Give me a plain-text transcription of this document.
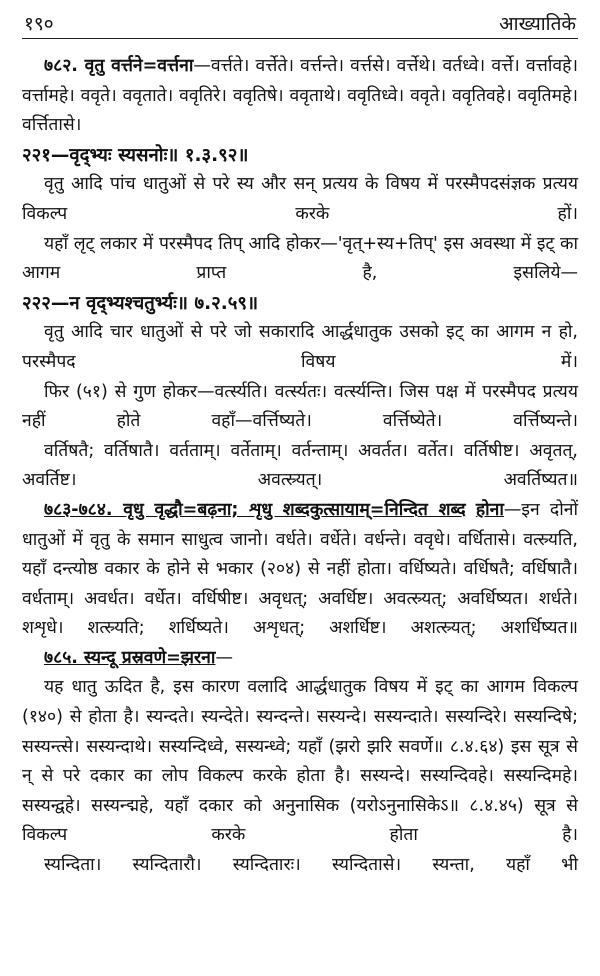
१९०	आख्यातिके

७८२. वृतु वर्त्तने=वर्त्तना—वर्त्तते। वर्त्तेते। वर्त्तन्ते। वर्त्तसे। वर्त्तेथे। वर्तध्वे। वर्त्ते। वर्त्तावहे। वर्त्तामहे। ववृते। ववृताते। ववृतिरे। ववृतिषे। ववृताथे। ववृतिध्वे। ववृते। ववृतिवहे। ववृतिमहे। वर्त्तितासे।

२२१—वृद्भ्यः स्यसनोः॥ १.३.९२॥

वृतु आदि पांच धातुओं से परे स्य और सन् प्रत्यय के विषय में परस्मैपदसंज्ञक प्रत्यय विकल्प करके हों।

यहाँ लृट् लकार में परस्मैपद तिप् आदि होकर—'वृत्+स्य+तिप्' इस अवस्था में इट् का आगम प्राप्त है, इसलिये—

२२२—न वृद्भ्यश्चतुर्भ्यः॥ ७.२.५९॥

वृतु आदि चार धातुओं से परे जो सकारादि आर्द्धधातुक उसको इट् का आगम न हो, परस्मैपद विषय में।

फिर (५१) से गुण होकर—वर्त्स्यति। वर्त्स्यतः। वर्त्स्यन्ति। जिस पक्ष में परस्मैपद प्रत्यय नहीं होते वहाँ—वर्त्तिष्यते। वर्त्तिष्येते। वर्त्तिष्यन्ते।

वर्तिषतै; वर्तिषातै। वर्तताम्। वर्तेताम्। वर्तन्ताम्। अवर्तत। वर्तेत। वर्तिषीष्ट। अवृतत्, अवर्तिष्ट। अवत्स्र्यत्। अवर्तिष्यत॥

७८३-७८४. वृधु वृद्धौ=बढ़ना; शृधु शब्दकुत्सायाम्=निन्दित शब्द होना—इन दोनों धातुओं में वृतु के समान साधुत्व जानो। वर्धते। वर्धेते। वर्धन्ते। ववृधे। वर्धितासे। वत्स्र्यति, यहाँ दन्त्योष्ठ वकार के होने से भकार (२०४) से नहीं होता। वर्धिष्यते। वर्धिषतै; वर्धिषातै। वर्धताम्। अवर्धत। वर्धेत। वर्धिषीष्ट। अवृधत्; अवर्धिष्ट। अवत्स्र्यत्; अवर्धिष्यत। शर्धते। शशृधे। शत्स्र्यति; शर्धिष्यते। अशृधत्; अशर्धिष्ट। अशत्स्र्यत्; अशर्धिष्यत॥

७८५. स्यन्दू प्रस्रवणे=झरना—

यह धातु ऊदित है, इस कारण वलादि आर्द्धधातुक विषय में इट् का आगम विकल्प (१४०) से होता है। स्यन्दते। स्यन्देते। स्यन्दन्ते। सस्यन्दे। सस्यन्दाते। सस्यन्दिरे। सस्यन्दिषे; सस्यन्त्से। सस्यन्दाथे। सस्यन्दिध्वे, सस्यन्ध्वे; यहाँ (झरो झरि सवर्णे॥ ८.४.६४) इस सूत्र से न् से परे दकार का लोप विकल्प करके होता है। सस्यन्दे। सस्यन्दिवहे। सस्यन्दिमहे। सस्यन्द्वहे। सस्यन्द्महे, यहाँ दकार को अनुनासिक (यरोऽनुनासिकेऽ॥ ८.४.४५) सूत्र से विकल्प करके होता है।

स्यन्दिता। स्यन्दितारौ। स्यन्दितारः। स्यन्दितासे। स्यन्ता, यहाँ भी
